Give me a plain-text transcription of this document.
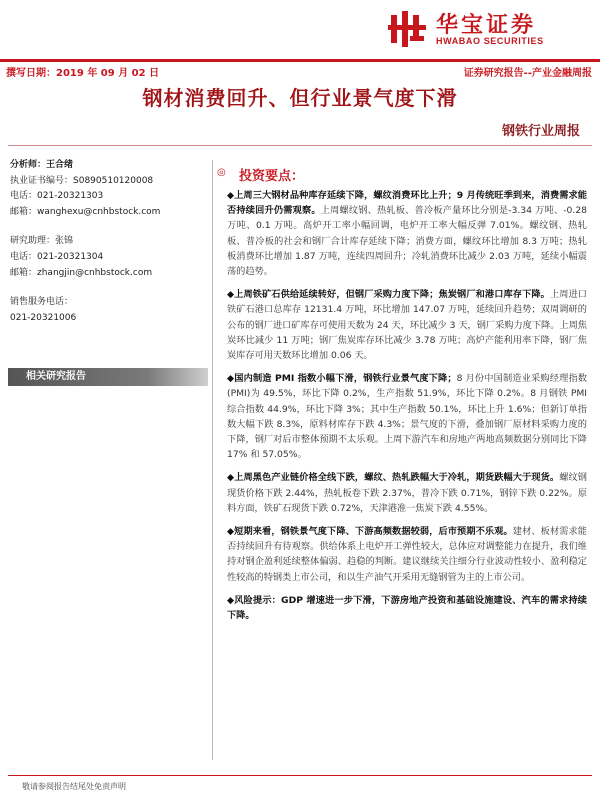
华宝证券
HWABAO SECURITIES
撰写日期：2019 年 09 月 02 日	证券研究报告--产业金融周报
钢材消费回升、但行业景气度下滑
钢铁行业周报
分析师：王合绪
执业证书编号：S0890510120008
电话：021-20321303
邮箱：wanghexu@cnhbstock.com
研究助理：张锦
电话：021-20321304
邮箱：zhangjin@cnhbstock.com
销售服务电话：
021-20321006
相关研究报告
◎ 投资要点：
◆上周三大钢材品种库存延续下降，螺纹消费环比上升；9 月传统旺季到来，消费需求能否持续回升仍需观察。上周螺纹钢、热轧板、普冷板产量环比分别是-3.34 万吨、-0.28 万吨、0.1 万吨。高炉开工率小幅回调，电炉开工率大幅反弹 7.01%。螺纹钢、热轧板、普冷板的社会和钢厂合计库存延续下降；消费方面，螺纹环比增加 8.3 万吨；热轧板消费环比增加 1.87 万吨，连续四周回升；冷轧消费环比减少 2.03 万吨，延续小幅震荡的趋势。
◆上周铁矿石供给延续转好，但钢厂采购力度下降；焦炭钢厂和港口库存下降。上周进口铁矿石港口总库存 12131.4 万吨，环比增加 147.07 万吨，延续回升趋势；双周调研的公布的钢厂进口矿库存可使用天数为 24 天，环比减少 3 天，钢厂采购力度下降。上周焦炭环比减少 11 万吨；钢厂焦炭库存环比减少 3.78 万吨；高炉产能利用率下降，钢厂焦炭库存可用天数环比增加 0.06 天。
◆国内制造 PMI 指数小幅下滑，钢铁行业景气度下降；8 月份中国制造业采购经理指数(PMI)为 49.5%，环比下降 0.2%，生产指数 51.9%，环比下降 0.2%。8 月钢铁 PMI 综合指数 44.9%，环比下降 3%；其中生产指数 50.1%，环比上升 1.6%；但新订单指数大幅下跌 8.3%，原料材库存下跌 4.3%；景气度的下滑，叠加钢厂原材料采购力度的下降，钢厂对后市整体预期不太乐观。上周下游汽车和房地产两地高频数据分别同比下降 17% 和 57.05%。
◆上周黑色产业链价格全线下跌，螺纹、热轧跌幅大于冷轧，期货跌幅大于现货。螺纹钢现货价格下跌 2.44%，热轧板卷下跌 2.37%，普冷下跌 0.71%，钢锌下跌 0.22%。原料方面，铁矿石现货下跌 0.72%，天津港准一焦炭下跌 4.55%。
◆短期来看，钢铁景气度下降、下游高频数据较弱，后市预期不乐观。建材、板材需求能否持续回升有待观察。供给体系上电炉开工弹性较大，总体应对调整能力在提升，我们维持对钢企盈利延续整体偏弱、趋稳的判断。建议继续关注细分行业波动性较小、盈利稳定性较高的特钢类上市公司，和以生产油气开采用无缝钢管为主的上市公司。
◆风险提示：GDP 增速进一步下滑，下游房地产投资和基础设施建设、汽车的需求持续下降。
敬请参阅报告结尾处免责声明
